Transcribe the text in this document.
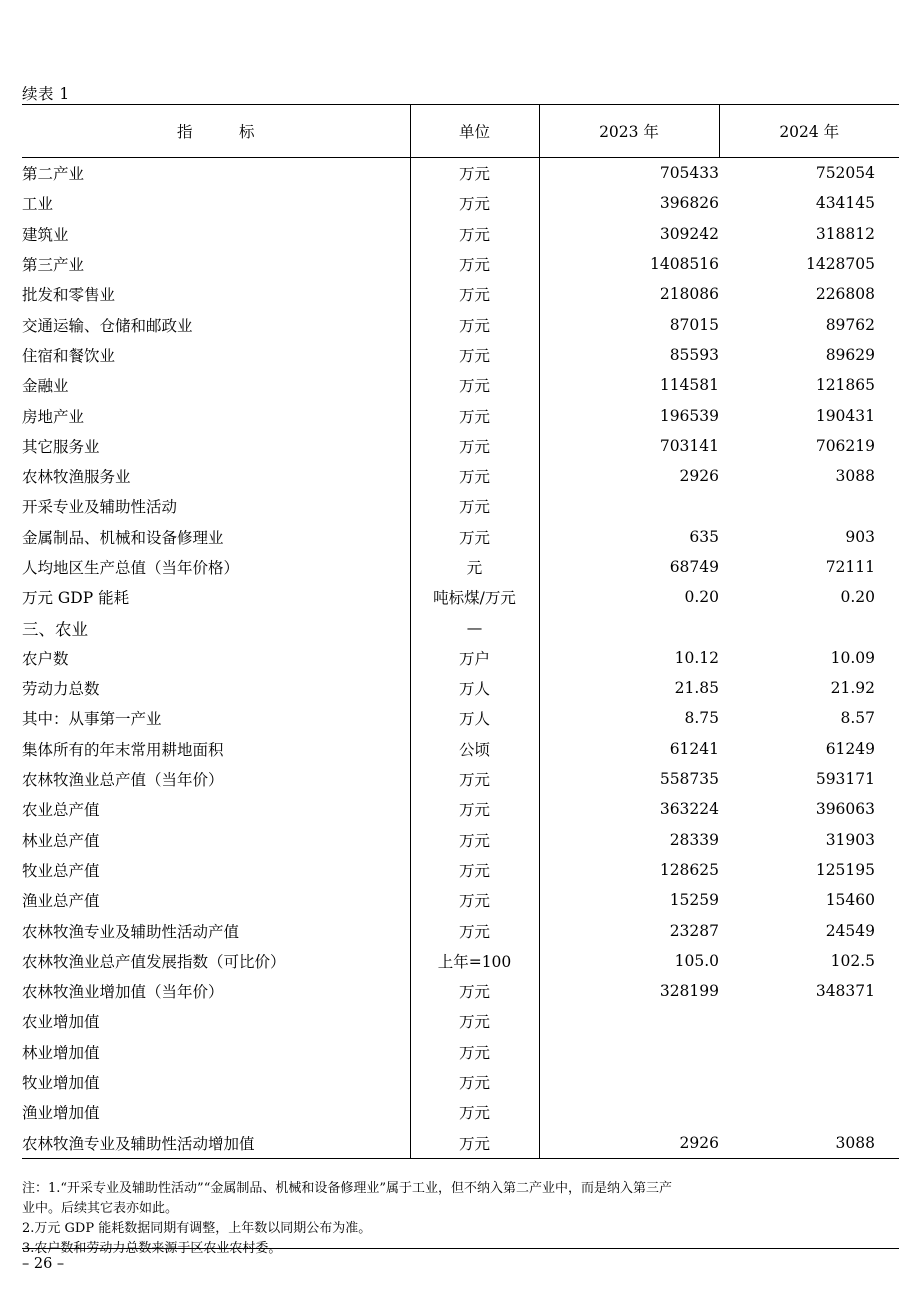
续表 1
指　　　标	单位	2023 年	2024 年
第二产业	万元	705433	752054
工业	万元	396826	434145
建筑业	万元	309242	318812
第三产业	万元	1408516	1428705
批发和零售业	万元	218086	226808
交通运输、仓储和邮政业	万元	87015	89762
住宿和餐饮业	万元	85593	89629
金融业	万元	114581	121865
房地产业	万元	196539	190431
其它服务业	万元	703141	706219
农林牧渔服务业	万元	2926	3088
开采专业及辅助性活动	万元		
金属制品、机械和设备修理业	万元	635	903
人均地区生产总值（当年价格）	元	68749	72111
万元 GDP 能耗	吨标煤/万元	0.20	0.20
三、农业	—		
农户数	万户	10.12	10.09
劳动力总数	万人	21.85	21.92
其中：从事第一产业	万人	8.75	8.57
集体所有的年末常用耕地面积	公顷	61241	61249
农林牧渔业总产值（当年价）	万元	558735	593171
农业总产值	万元	363224	396063
林业总产值	万元	28339	31903
牧业总产值	万元	128625	125195
渔业总产值	万元	15259	15460
农林牧渔专业及辅助性活动产值	万元	23287	24549
农林牧渔业总产值发展指数（可比价）	上年=100	105.0	102.5
农林牧渔业增加值（当年价）	万元	328199	348371
农业增加值	万元		
林业增加值	万元		
牧业增加值	万元		
渔业增加值	万元		
农林牧渔专业及辅助性活动增加值	万元	2926	3088
注：1.“开采专业及辅助性活动”“金属制品、机械和设备修理业”属于工业，但不纳入第二产业中，而是纳入第三产
业中。后续其它表亦如此。
2.万元 GDP 能耗数据同期有调整，上年数以同期公布为准。
3.农户数和劳动力总数来源于区农业农村委。
– 26 –
